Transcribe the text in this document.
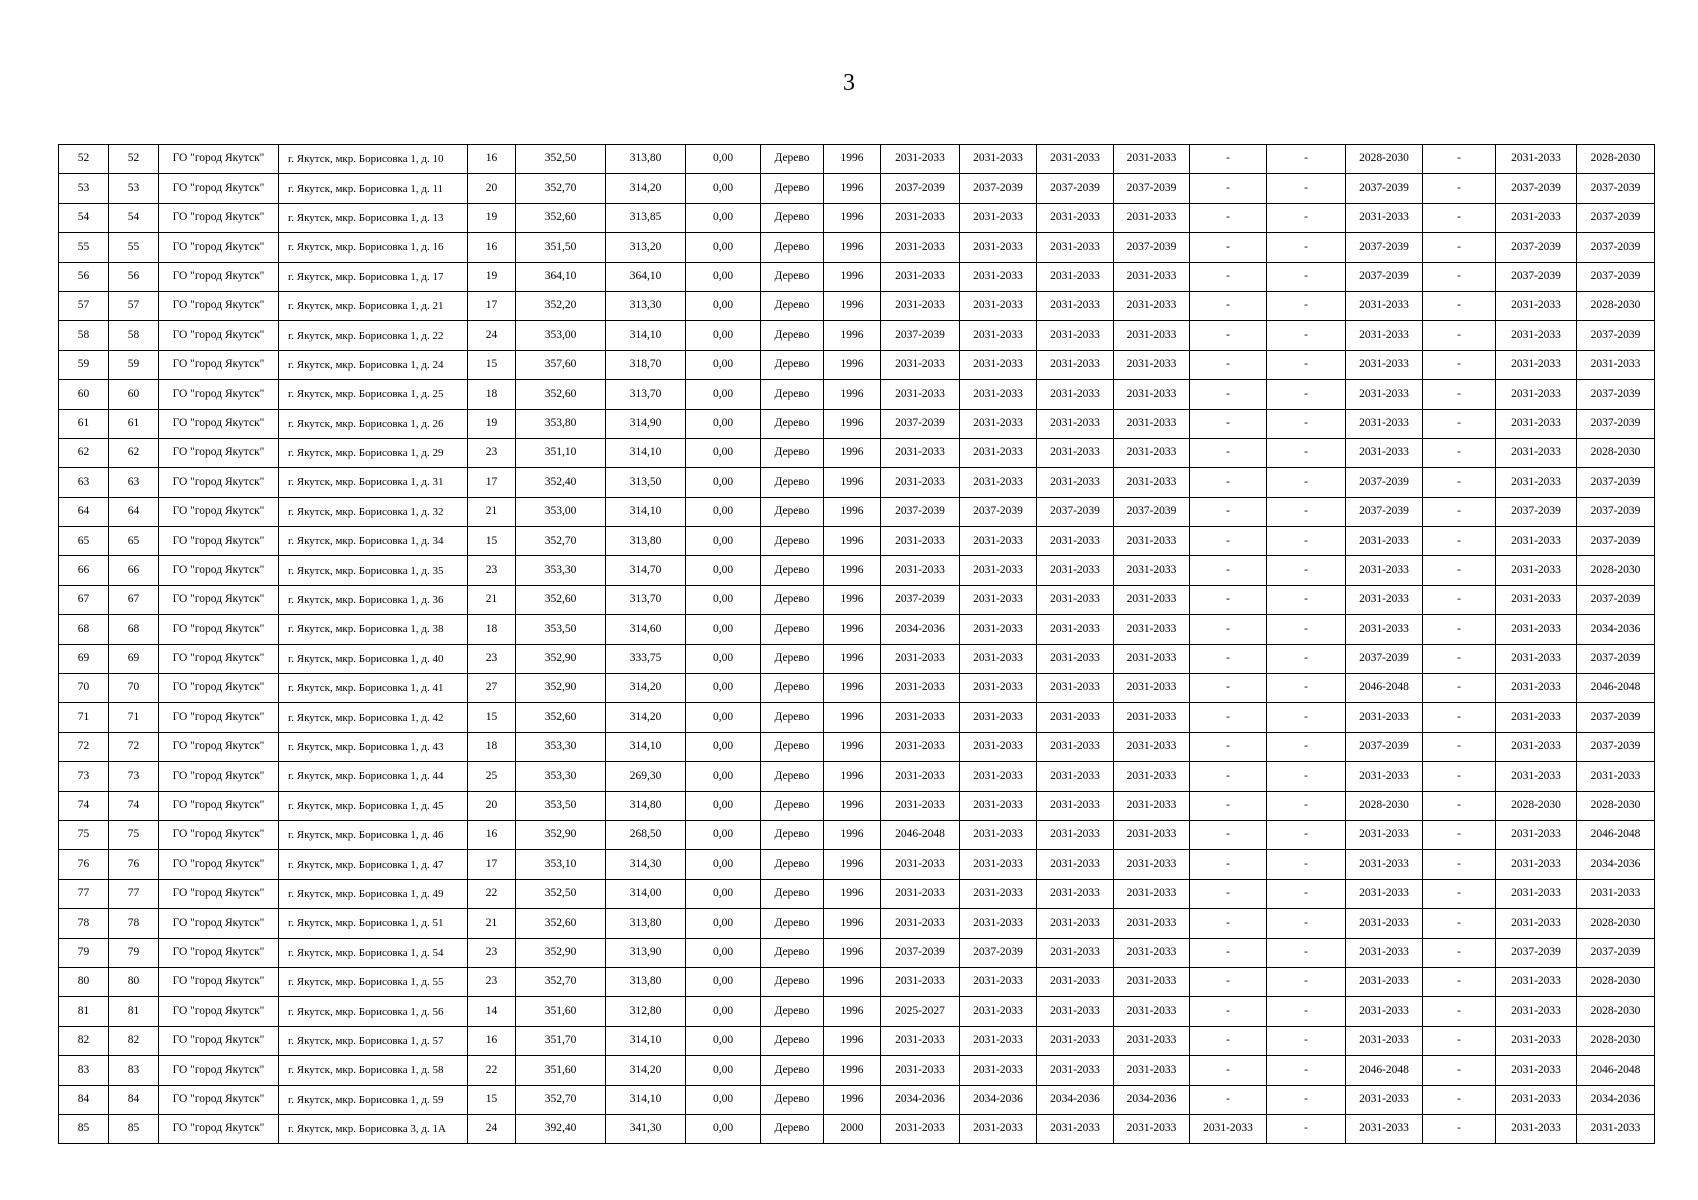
3
52	52	ГО "город Якутск"	г. Якутск, мкр. Борисовка 1, д. 10	16	352,50	313,80	0,00	Дерево	1996	2031-2033	2031-2033	2031-2033	2031-2033	-	-	2028-2030	-	2031-2033	2028-2030
53	53	ГО "город Якутск"	г. Якутск, мкр. Борисовка 1, д. 11	20	352,70	314,20	0,00	Дерево	1996	2037-2039	2037-2039	2037-2039	2037-2039	-	-	2037-2039	-	2037-2039	2037-2039
54	54	ГО "город Якутск"	г. Якутск, мкр. Борисовка 1, д. 13	19	352,60	313,85	0,00	Дерево	1996	2031-2033	2031-2033	2031-2033	2031-2033	-	-	2031-2033	-	2031-2033	2037-2039
55	55	ГО "город Якутск"	г. Якутск, мкр. Борисовка 1, д. 16	16	351,50	313,20	0,00	Дерево	1996	2031-2033	2031-2033	2031-2033	2037-2039	-	-	2037-2039	-	2037-2039	2037-2039
56	56	ГО "город Якутск"	г. Якутск, мкр. Борисовка 1, д. 17	19	364,10	364,10	0,00	Дерево	1996	2031-2033	2031-2033	2031-2033	2031-2033	-	-	2037-2039	-	2037-2039	2037-2039
57	57	ГО "город Якутск"	г. Якутск, мкр. Борисовка 1, д. 21	17	352,20	313,30	0,00	Дерево	1996	2031-2033	2031-2033	2031-2033	2031-2033	-	-	2031-2033	-	2031-2033	2028-2030
58	58	ГО "город Якутск"	г. Якутск, мкр. Борисовка 1, д. 22	24	353,00	314,10	0,00	Дерево	1996	2037-2039	2031-2033	2031-2033	2031-2033	-	-	2031-2033	-	2031-2033	2037-2039
59	59	ГО "город Якутск"	г. Якутск, мкр. Борисовка 1, д. 24	15	357,60	318,70	0,00	Дерево	1996	2031-2033	2031-2033	2031-2033	2031-2033	-	-	2031-2033	-	2031-2033	2031-2033
60	60	ГО "город Якутск"	г. Якутск, мкр. Борисовка 1, д. 25	18	352,60	313,70	0,00	Дерево	1996	2031-2033	2031-2033	2031-2033	2031-2033	-	-	2031-2033	-	2031-2033	2037-2039
61	61	ГО "город Якутск"	г. Якутск, мкр. Борисовка 1, д. 26	19	353,80	314,90	0,00	Дерево	1996	2037-2039	2031-2033	2031-2033	2031-2033	-	-	2031-2033	-	2031-2033	2037-2039
62	62	ГО "город Якутск"	г. Якутск, мкр. Борисовка 1, д. 29	23	351,10	314,10	0,00	Дерево	1996	2031-2033	2031-2033	2031-2033	2031-2033	-	-	2031-2033	-	2031-2033	2028-2030
63	63	ГО "город Якутск"	г. Якутск, мкр. Борисовка 1, д. 31	17	352,40	313,50	0,00	Дерево	1996	2031-2033	2031-2033	2031-2033	2031-2033	-	-	2037-2039	-	2031-2033	2037-2039
64	64	ГО "город Якутск"	г. Якутск, мкр. Борисовка 1, д. 32	21	353,00	314,10	0,00	Дерево	1996	2037-2039	2037-2039	2037-2039	2037-2039	-	-	2037-2039	-	2037-2039	2037-2039
65	65	ГО "город Якутск"	г. Якутск, мкр. Борисовка 1, д. 34	15	352,70	313,80	0,00	Дерево	1996	2031-2033	2031-2033	2031-2033	2031-2033	-	-	2031-2033	-	2031-2033	2037-2039
66	66	ГО "город Якутск"	г. Якутск, мкр. Борисовка 1, д. 35	23	353,30	314,70	0,00	Дерево	1996	2031-2033	2031-2033	2031-2033	2031-2033	-	-	2031-2033	-	2031-2033	2028-2030
67	67	ГО "город Якутск"	г. Якутск, мкр. Борисовка 1, д. 36	21	352,60	313,70	0,00	Дерево	1996	2037-2039	2031-2033	2031-2033	2031-2033	-	-	2031-2033	-	2031-2033	2037-2039
68	68	ГО "город Якутск"	г. Якутск, мкр. Борисовка 1, д. 38	18	353,50	314,60	0,00	Дерево	1996	2034-2036	2031-2033	2031-2033	2031-2033	-	-	2031-2033	-	2031-2033	2034-2036
69	69	ГО "город Якутск"	г. Якутск, мкр. Борисовка 1, д. 40	23	352,90	333,75	0,00	Дерево	1996	2031-2033	2031-2033	2031-2033	2031-2033	-	-	2037-2039	-	2031-2033	2037-2039
70	70	ГО "город Якутск"	г. Якутск, мкр. Борисовка 1, д. 41	27	352,90	314,20	0,00	Дерево	1996	2031-2033	2031-2033	2031-2033	2031-2033	-	-	2046-2048	-	2031-2033	2046-2048
71	71	ГО "город Якутск"	г. Якутск, мкр. Борисовка 1, д. 42	15	352,60	314,20	0,00	Дерево	1996	2031-2033	2031-2033	2031-2033	2031-2033	-	-	2031-2033	-	2031-2033	2037-2039
72	72	ГО "город Якутск"	г. Якутск, мкр. Борисовка 1, д. 43	18	353,30	314,10	0,00	Дерево	1996	2031-2033	2031-2033	2031-2033	2031-2033	-	-	2037-2039	-	2031-2033	2037-2039
73	73	ГО "город Якутск"	г. Якутск, мкр. Борисовка 1, д. 44	25	353,30	269,30	0,00	Дерево	1996	2031-2033	2031-2033	2031-2033	2031-2033	-	-	2031-2033	-	2031-2033	2031-2033
74	74	ГО "город Якутск"	г. Якутск, мкр. Борисовка 1, д. 45	20	353,50	314,80	0,00	Дерево	1996	2031-2033	2031-2033	2031-2033	2031-2033	-	-	2028-2030	-	2028-2030	2028-2030
75	75	ГО "город Якутск"	г. Якутск, мкр. Борисовка 1, д. 46	16	352,90	268,50	0,00	Дерево	1996	2046-2048	2031-2033	2031-2033	2031-2033	-	-	2031-2033	-	2031-2033	2046-2048
76	76	ГО "город Якутск"	г. Якутск, мкр. Борисовка 1, д. 47	17	353,10	314,30	0,00	Дерево	1996	2031-2033	2031-2033	2031-2033	2031-2033	-	-	2031-2033	-	2031-2033	2034-2036
77	77	ГО "город Якутск"	г. Якутск, мкр. Борисовка 1, д. 49	22	352,50	314,00	0,00	Дерево	1996	2031-2033	2031-2033	2031-2033	2031-2033	-	-	2031-2033	-	2031-2033	2031-2033
78	78	ГО "город Якутск"	г. Якутск, мкр. Борисовка 1, д. 51	21	352,60	313,80	0,00	Дерево	1996	2031-2033	2031-2033	2031-2033	2031-2033	-	-	2031-2033	-	2031-2033	2028-2030
79	79	ГО "город Якутск"	г. Якутск, мкр. Борисовка 1, д. 54	23	352,90	313,90	0,00	Дерево	1996	2037-2039	2037-2039	2031-2033	2031-2033	-	-	2031-2033	-	2037-2039	2037-2039
80	80	ГО "город Якутск"	г. Якутск, мкр. Борисовка 1, д. 55	23	352,70	313,80	0,00	Дерево	1996	2031-2033	2031-2033	2031-2033	2031-2033	-	-	2031-2033	-	2031-2033	2028-2030
81	81	ГО "город Якутск"	г. Якутск, мкр. Борисовка 1, д. 56	14	351,60	312,80	0,00	Дерево	1996	2025-2027	2031-2033	2031-2033	2031-2033	-	-	2031-2033	-	2031-2033	2028-2030
82	82	ГО "город Якутск"	г. Якутск, мкр. Борисовка 1, д. 57	16	351,70	314,10	0,00	Дерево	1996	2031-2033	2031-2033	2031-2033	2031-2033	-	-	2031-2033	-	2031-2033	2028-2030
83	83	ГО "город Якутск"	г. Якутск, мкр. Борисовка 1, д. 58	22	351,60	314,20	0,00	Дерево	1996	2031-2033	2031-2033	2031-2033	2031-2033	-	-	2046-2048	-	2031-2033	2046-2048
84	84	ГО "город Якутск"	г. Якутск, мкр. Борисовка 1, д. 59	15	352,70	314,10	0,00	Дерево	1996	2034-2036	2034-2036	2034-2036	2034-2036	-	-	2031-2033	-	2031-2033	2034-2036
85	85	ГО "город Якутск"	г. Якутск, мкр. Борисовка 3, д. 1А	24	392,40	341,30	0,00	Дерево	2000	2031-2033	2031-2033	2031-2033	2031-2033	2031-2033	-	2031-2033	-	2031-2033	2031-2033
